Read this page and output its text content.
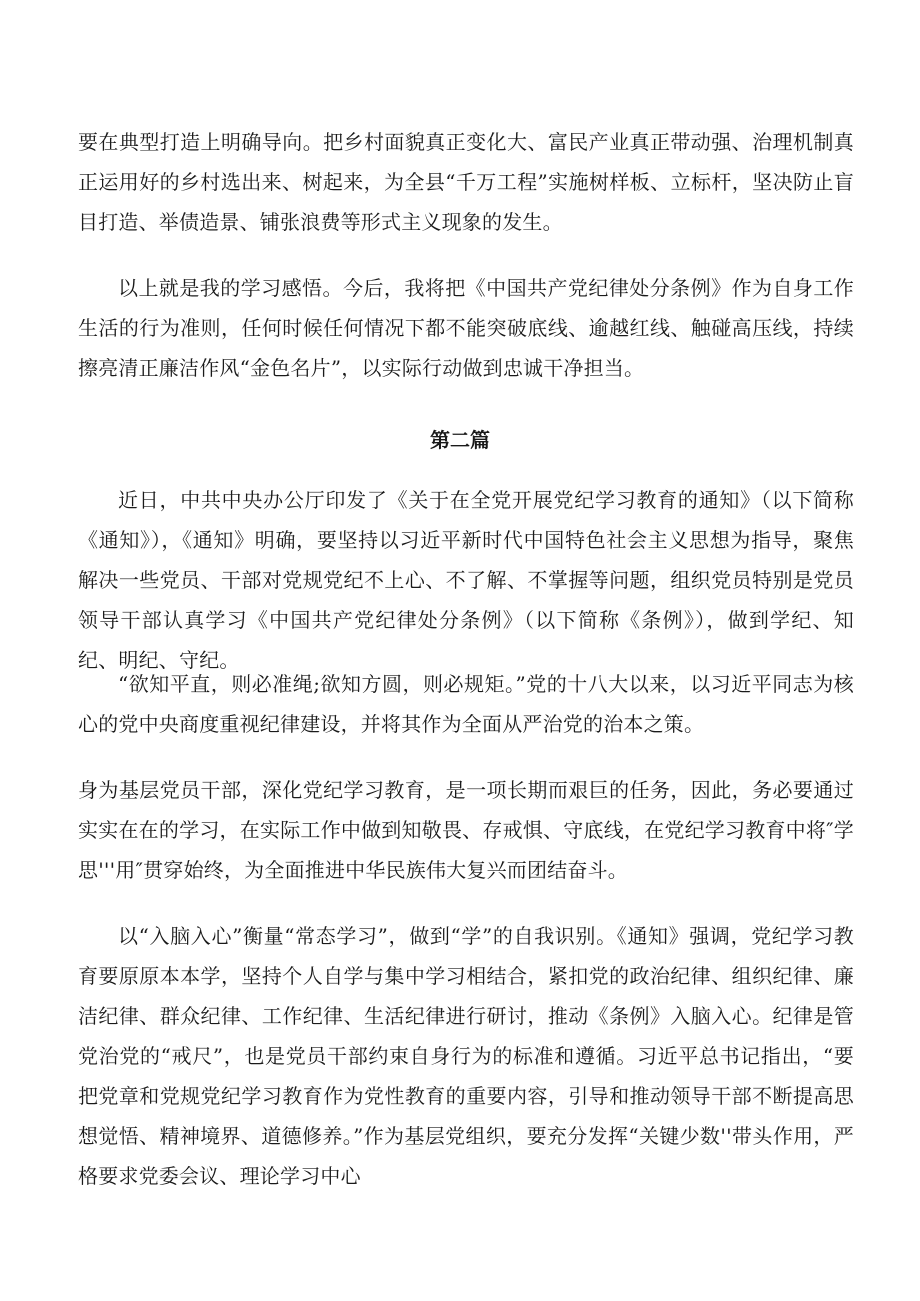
要在典型打造上明确导向。把乡村面貌真正变化大、富民产业真正带动强、治理机制真正运用好的乡村选出来、树起来，为全县“千万工程”实施树样板、立标杆，坚决防止盲目打造、举债造景、铺张浪费等形式主义现象的发生。

以上就是我的学习感悟。今后，我将把《中国共产党纪律处分条例》作为自身工作生活的行为准则，任何时候任何情况下都不能突破底线、逾越红线、触碰高压线，持续擦亮清正廉洁作风“金色名片”，以实际行动做到忠诚干净担当。

第二篇

近日，中共中央办公厅印发了《关于在全党开展党纪学习教育的通知》（以下简称《通知》），《通知》明确，要坚持以习近平新时代中国特色社会主义思想为指导，聚焦解决一些党员、干部对党规党纪不上心、不了解、不掌握等问题，组织党员特别是党员领导干部认真学习《中国共产党纪律处分条例》（以下简称《条例》），做到学纪、知纪、明纪、守纪。

“欲知平直，则必准绳;欲知方圆，则必规矩。”党的十八大以来，以习近平同志为核心的党中央商度重视纪律建设，并将其作为全面从严治党的治本之策。

身为基层党员干部，深化党纪学习教育，是一项长期而艰巨的任务，因此，务必要通过实实在在的学习，在实际工作中做到知敬畏、存戒惧、守底线，在党纪学习教育中将″学思'''用″贯穿始终，为全面推进中华民族伟大复兴而团结奋斗。

以“入脑入心”衡量“常态学习”，做到“学”的自我识别。《通知》强调，党纪学习教育要原原本本学，坚持个人自学与集中学习相结合，紧扣党的政治纪律、组织纪律、廉洁纪律、群众纪律、工作纪律、生活纪律进行研讨，推动《条例》入脑入心。纪律是管党治党的“戒尺”，也是党员干部约束自身行为的标准和遵循。习近平总书记指出，“要把党章和党规党纪学习教育作为党性教育的重要内容，引导和推动领导干部不断提高思想觉悟、精神境界、道德修养。”作为基层党组织，要充分发挥“关键少数''带头作用，严格要求党委会议、理论学习中心
